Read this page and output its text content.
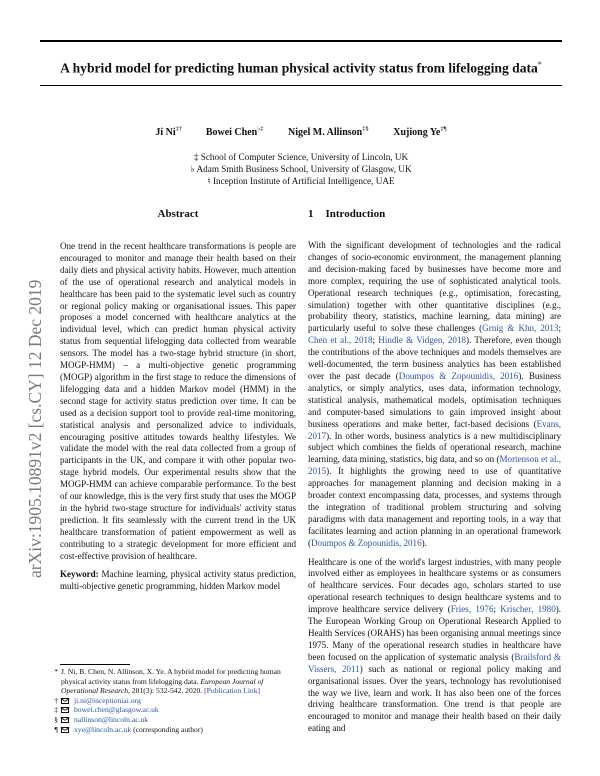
A hybrid model for predicting human physical activity status from lifelogging data*
Ji Ni‡† Bowei Chen♭‡ Nigel M. Allinson‡§ Xujiong Ye‡¶
‡ School of Computer Science, University of Lincoln, UK
♭ Adam Smith Business School, University of Glasgow, UK
♮ Inception Institute of Artificial Intelligence, UAE
arXiv:1905.10891v2 [cs.CY] 12 Dec 2019
Abstract

One trend in the recent healthcare transformations is people are encouraged to monitor and manage their health based on their daily diets and physical activity habits. However, much attention of the use of operational research and analytical models in healthcare has been paid to the systematic level such as country or regional policy making or organisational issues. This paper proposes a model concerned with healthcare analytics at the individual level, which can predict human physical activity status from sequential lifelogging data collected from wearable sensors. The model has a two-stage hybrid structure (in short, MOGP-HMM) – a multi-objective genetic programming (MOGP) algorithm in the first stage to reduce the dimensions of lifelogging data and a hidden Markov model (HMM) in the second stage for activity status prediction over time. It can be used as a decision support tool to provide real-time monitoring, statistical analysis and personalized advice to individuals, encouraging positive attitudes towards healthy lifestyles. We validate the model with the real data collected from a group of participants in the UK, and compare it with other popular two-stage hybrid models. Our experimental results show that the MOGP-HMM can achieve comparable performance. To the best of our knowledge, this is the very first study that uses the MOGP in the hybrid two-stage structure for individuals' activity status prediction. It fits seamlessly with the current trend in the UK healthcare transformation of patient empowerment as well as contributing to a strategic development for more efficient and cost-effective provision of healthcare.

Keyword: Machine learning, physical activity status prediction, multi-objective genetic programming, hidden Markov model

1 Introduction

With the significant development of technologies and the radical changes of socio-economic environment, the management planning and decision-making faced by businesses have become more and more complex, requiring the use of sophisticated analytical tools. Operational research techniques (e.g., optimisation, forecasting, simulation) together with other quantitative disciplines (e.g., probability theory, statistics, machine learning, data mining) are particularly useful to solve these challenges (Grnig & Khn, 2013; Chen et al., 2018; Hindle & Vidgen, 2018). Therefore, even though the contributions of the above techniques and models themselves are well-documented, the term business analytics has been established over the past decade (Doumpos & Zopounidis, 2016). Business analytics, or simply analytics, uses data, information technology, statistical analysis, mathematical models, optimisation techniques and computer-based simulations to gain improved insight about business operations and make better, fact-based decisions (Evans, 2017). In other words, business analytics is a new multidisciplinary subject which combines the fields of operational research, machine learning, data mining, statistics, big data, and so on (Mortenson et al., 2015). It highlights the growing need to use of quantitative approaches for management planning and decision making in a broader context encompassing data, processes, and systems through the integration of traditional problem structuring and solving paradigms with data management and reporting tools, in a way that facilitates learning and action planning in an operational framework (Doumpos & Zopounidis, 2016).

Healthcare is one of the world's largest industries, with many people involved either as employees in healthcare systems or as consumers of healthcare services. Four decades ago, scholars started to use operational research techniques to design healthcare systems and to improve healthcare service delivery (Fries, 1976; Krischer, 1980). The European Working Group on Operational Research Applied to Health Services (ORAHS) has been organising annual meetings since 1975. Many of the operational research studies in healthcare have been focused on the application of systematic analysis (Brailsford & Vissers, 2011) such as national or regional policy making and organisational issues. Over the years, technology has revolutionised the way we live, learn and work. It has also been one of the forces driving healthcare transformation. One trend is that people are encouraged to monitor and manage their health based on their daily eating and

* J. Ni, B. Chen, N. Allinson, X. Ye. A hybrid model for predicting human physical activity status from lifelogging data. European Journal of Operational Research, 281(3): 532-542, 2020. [Publication Link]
†	ji.ni@inceptioniai.org
‡	bowei.chen@glasgow.ac.uk
§	nallinson@lincoln.ac.uk
¶	xye@lincoln.ac.uk (corresponding author)
